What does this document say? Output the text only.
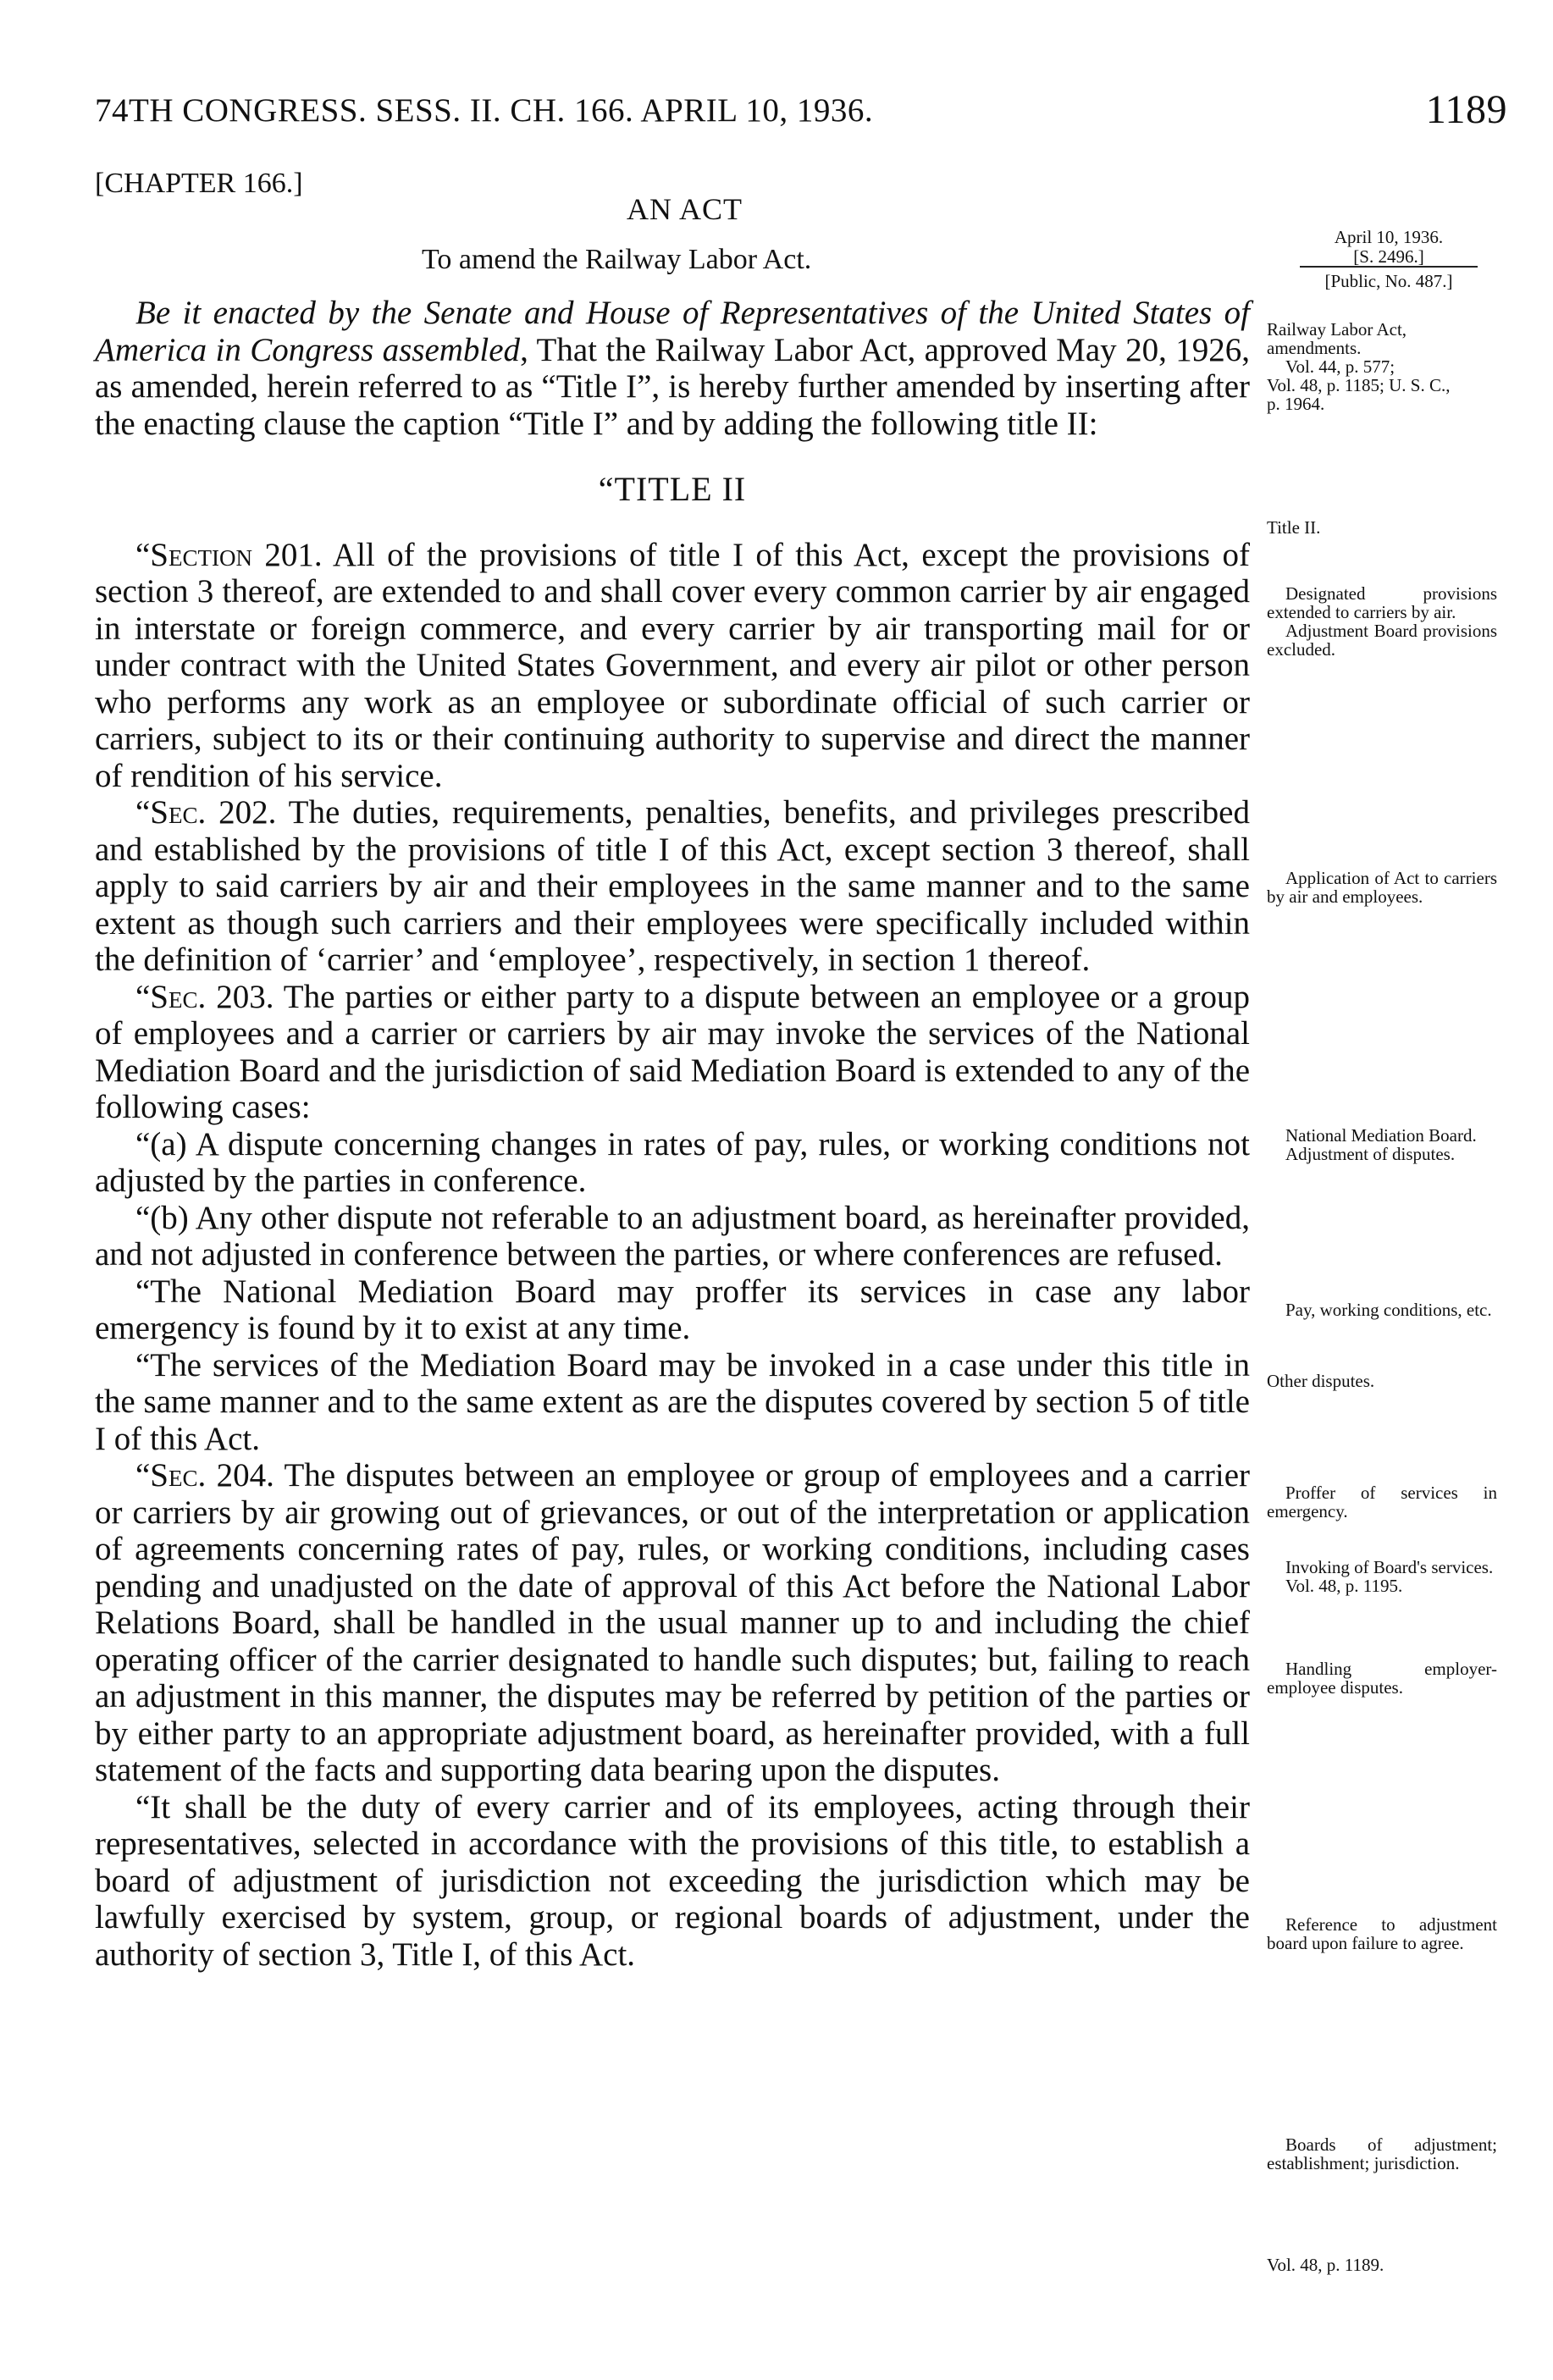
74TH CONGRESS. SESS. II. CH. 166. APRIL 10, 1936.	1189
[CHAPTER 166.]
AN ACT
To amend the Railway Labor Act.
April 10, 1936.

[S. 2496.]
[Public, No. 487.]

Be it enacted by the Senate and House of Representatives of the United States of America in Congress assembled, That the Railway Labor Act, approved May 20, 1926, as amended, herein referred to as “Title I”, is hereby further amended by inserting after the enacting clause the caption “Title I” and by adding the following title II:

“TITLE II

“Section 201. All of the provisions of title I of this Act, except the provisions of section 3 thereof, are extended to and shall cover every common carrier by air engaged in interstate or foreign commerce, and every carrier by air transporting mail for or under contract with the United States Government, and every air pilot or other person who performs any work as an employee or subordinate official of such carrier or carriers, subject to its or their continuing authority to supervise and direct the manner of rendition of his service.

“Sec. 202. The duties, requirements, penalties, benefits, and privileges prescribed and established by the provisions of title I of this Act, except section 3 thereof, shall apply to said carriers by air and their employees in the same manner and to the same extent as though such carriers and their employees were specifically included within the definition of ‘carrier’ and ‘employee’, respectively, in section 1 thereof.

“Sec. 203. The parties or either party to a dispute between an employee or a group of employees and a carrier or carriers by air may invoke the services of the National Mediation Board and the jurisdiction of said Mediation Board is extended to any of the following cases:

“(a) A dispute concerning changes in rates of pay, rules, or working conditions not adjusted by the parties in conference.

“(b) Any other dispute not referable to an adjustment board, as hereinafter provided, and not adjusted in conference between the parties, or where conferences are refused.

“The National Mediation Board may proffer its services in case any labor emergency is found by it to exist at any time.

“The services of the Mediation Board may be invoked in a case under this title in the same manner and to the same extent as are the disputes covered by section 5 of title I of this Act.

“Sec. 204. The disputes between an employee or group of employees and a carrier or carriers by air growing out of grievances, or out of the interpretation or application of agreements concerning rates of pay, rules, or working conditions, including cases pending and unadjusted on the date of approval of this Act before the National Labor Relations Board, shall be handled in the usual manner up to and including the chief operating officer of the carrier designated to handle such disputes; but, failing to reach an adjustment in this manner, the disputes may be referred by petition of the parties or by either party to an appropriate adjustment board, as hereinafter provided, with a full statement of the facts and supporting data bearing upon the disputes.

“It shall be the duty of every carrier and of its employees, acting through their representatives, selected in accordance with the provisions of this title, to establish a board of adjustment of jurisdiction not exceeding the jurisdiction which may be lawfully exercised by system, group, or regional boards of adjustment, under the authority of section 3, Title I, of this Act.

Railway Labor Act,
amendments.
Vol. 44, p. 577;
Vol. 48, p. 1185; U. S. C.,
p. 1964.
Title II.
Designated provisions extended to carriers by air.
Adjustment Board provisions excluded.
Application of Act to carriers by air and employees.
National Mediation Board.
Adjustment of disputes.
Pay, working conditions, etc.
Other disputes.
Proffer of services in emergency.
Invoking of Board's services.
Vol. 48, p. 1195.
Handling employer-employee disputes.
Reference to adjustment board upon failure to agree.
Boards of adjustment; establishment; jurisdiction.
Vol. 48, p. 1189.
